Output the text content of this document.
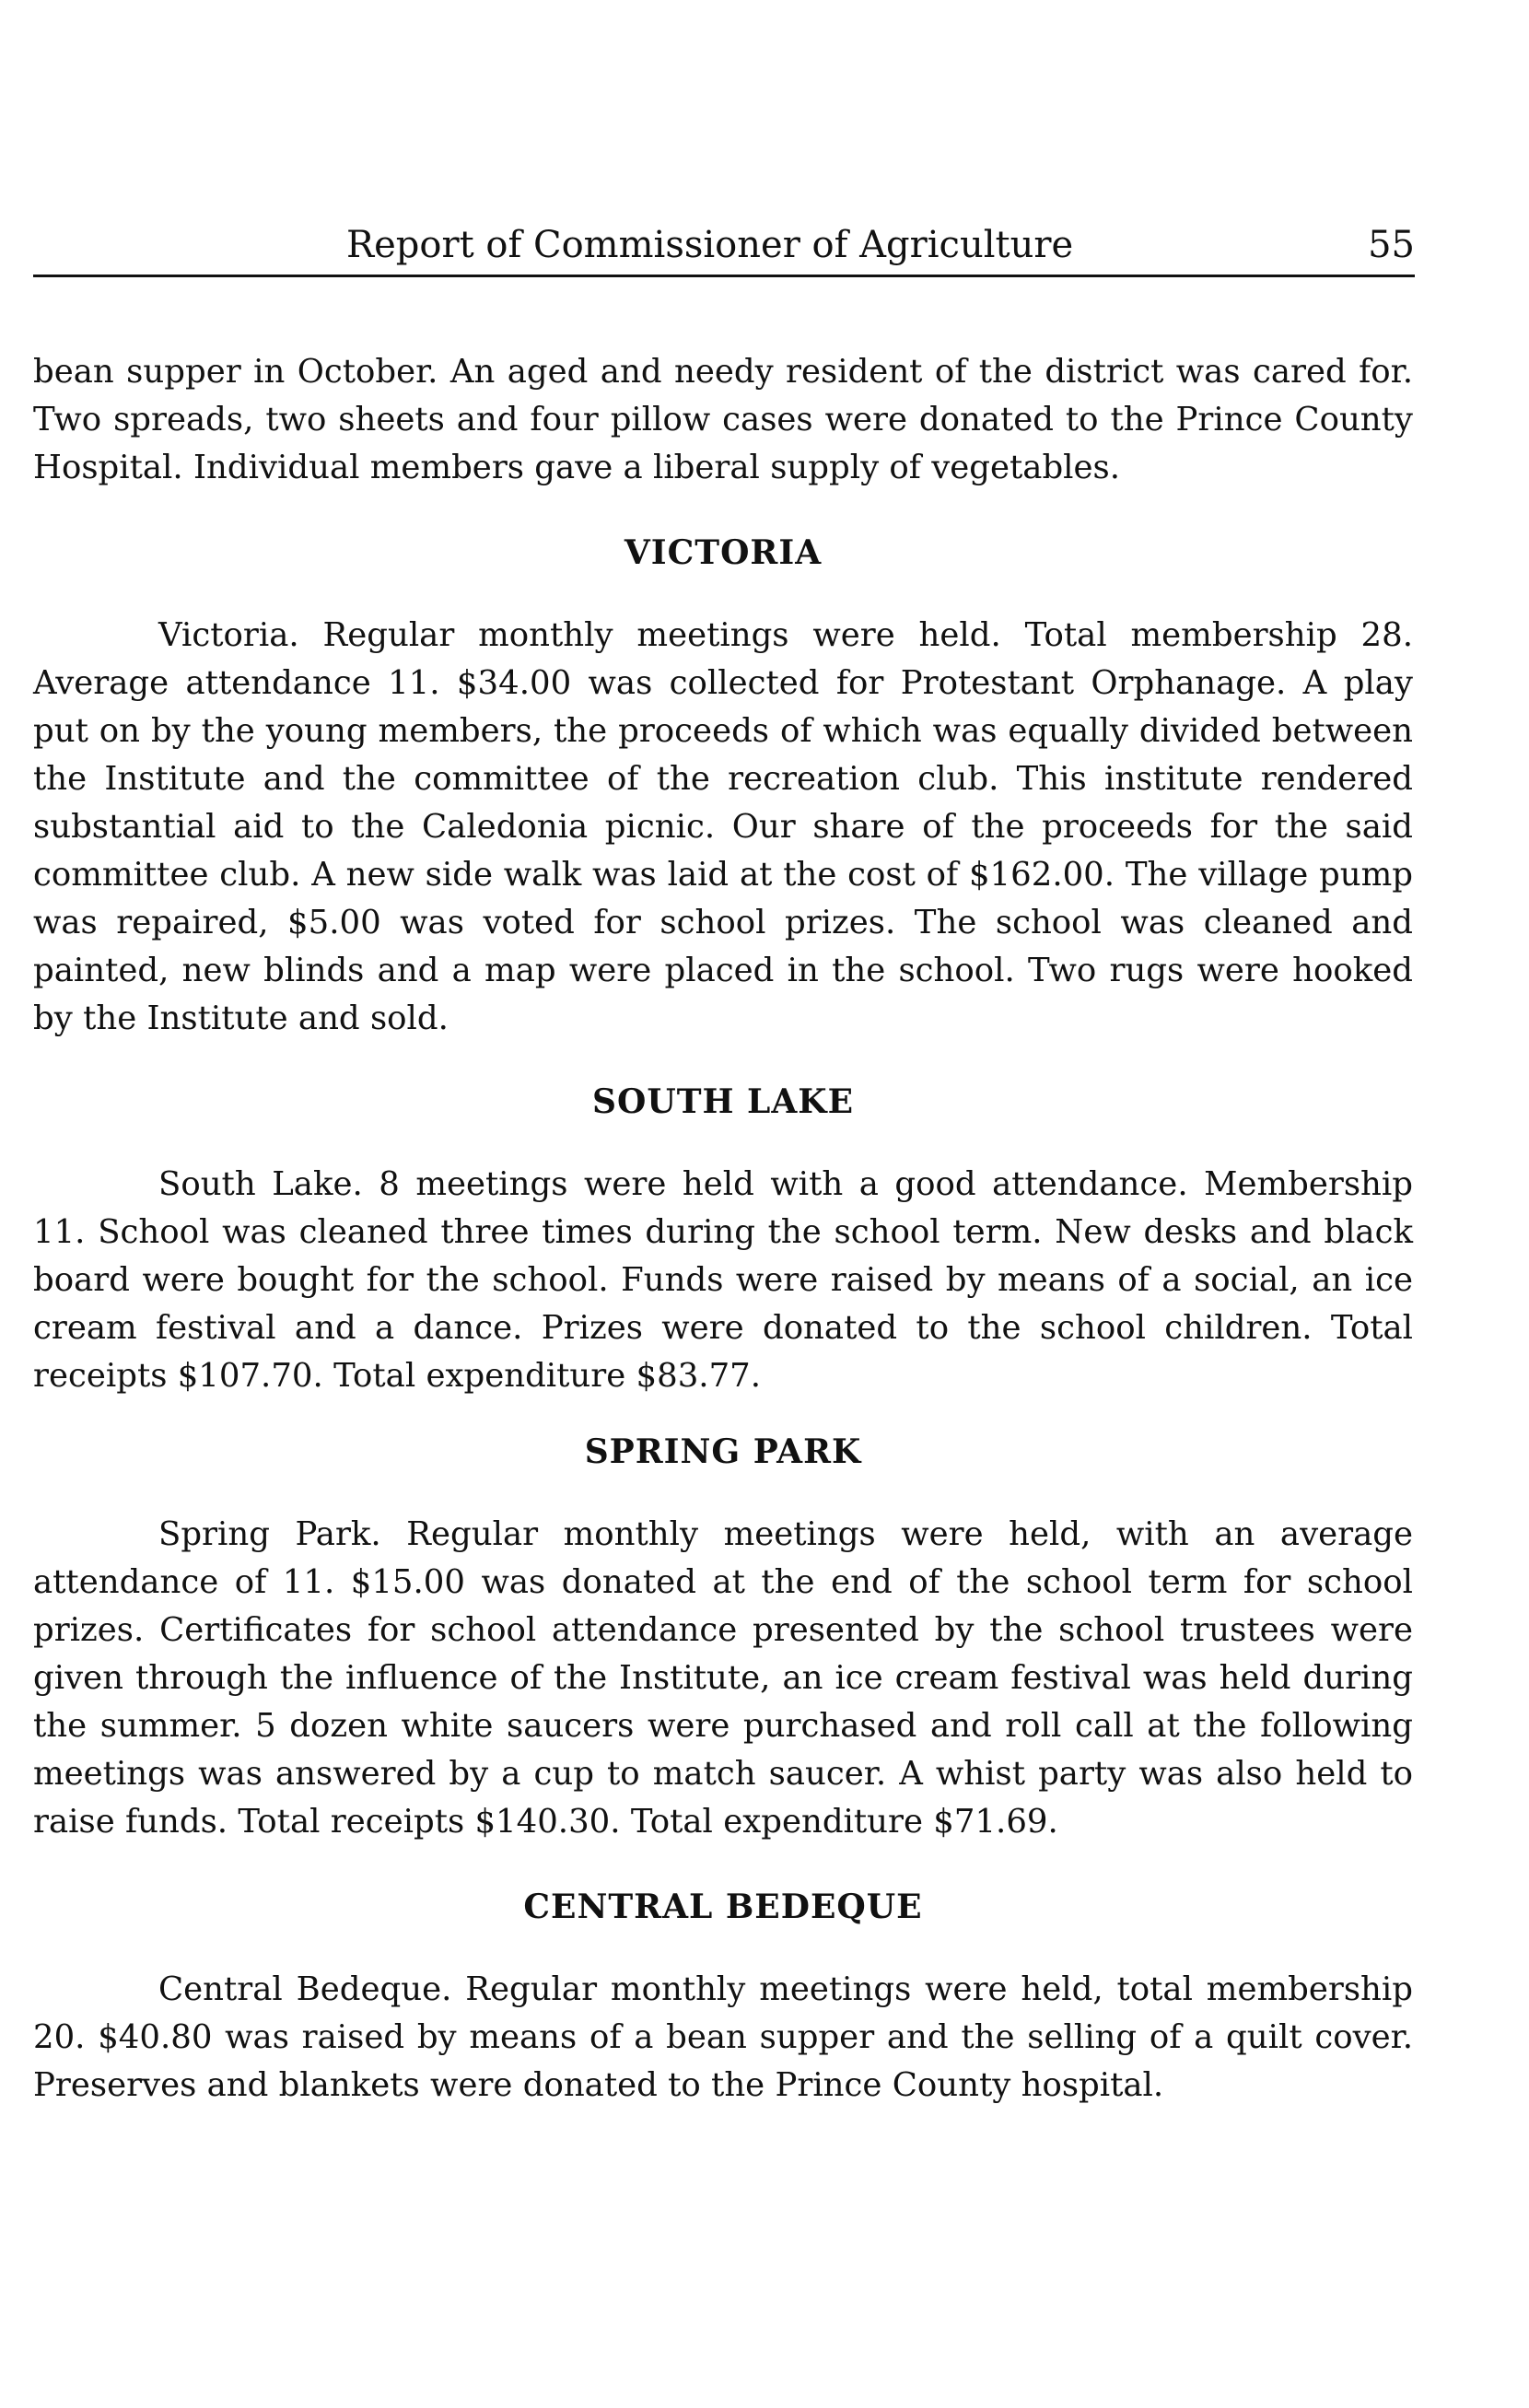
Report of Commissioner of Agriculture	55

bean supper in October. An aged and needy resident of the district was cared for. Two spreads, two sheets and four pillow cases were donated to the Prince County Hospital. Individual members gave a liberal supply of vegetables.

VICTORIA

Victoria. Regular monthly meetings were held. Total membership 28. Average attendance 11. $34.00 was collected for Protestant Orphanage. A play put on by the young members, the proceeds of which was equally divided between the Institute and the committee of the recreation club. This institute rendered substantial aid to the Caledonia picnic. Our share of the proceeds for the said committee club. A new side walk was laid at the cost of $162.00. The village pump was repaired, $5.00 was voted for school prizes. The school was cleaned and painted, new blinds and a map were placed in the school. Two rugs were hooked by the Institute and sold.

SOUTH LAKE

South Lake. 8 meetings were held with a good attendance. Membership 11. School was cleaned three times during the school term. New desks and black board were bought for the school. Funds were raised by means of a social, an ice cream festival and a dance. Prizes were donated to the school children. Total receipts $107.70. Total expenditure $83.77.

SPRING PARK

Spring Park. Regular monthly meetings were held, with an average attendance of 11. $15.00 was donated at the end of the school term for school prizes. Certificates for school attendance presented by the school trustees were given through the influence of the Institute, an ice cream festival was held during the summer. 5 dozen white saucers were purchased and roll call at the following meetings was answered by a cup to match saucer. A whist party was also held to raise funds. Total receipts $140.30. Total expenditure $71.69.

CENTRAL BEDEQUE

Central Bedeque. Regular monthly meetings were held, total membership 20. $40.80 was raised by means of a bean supper and the selling of a quilt cover. Preserves and blankets were donated to the Prince County hospital.
